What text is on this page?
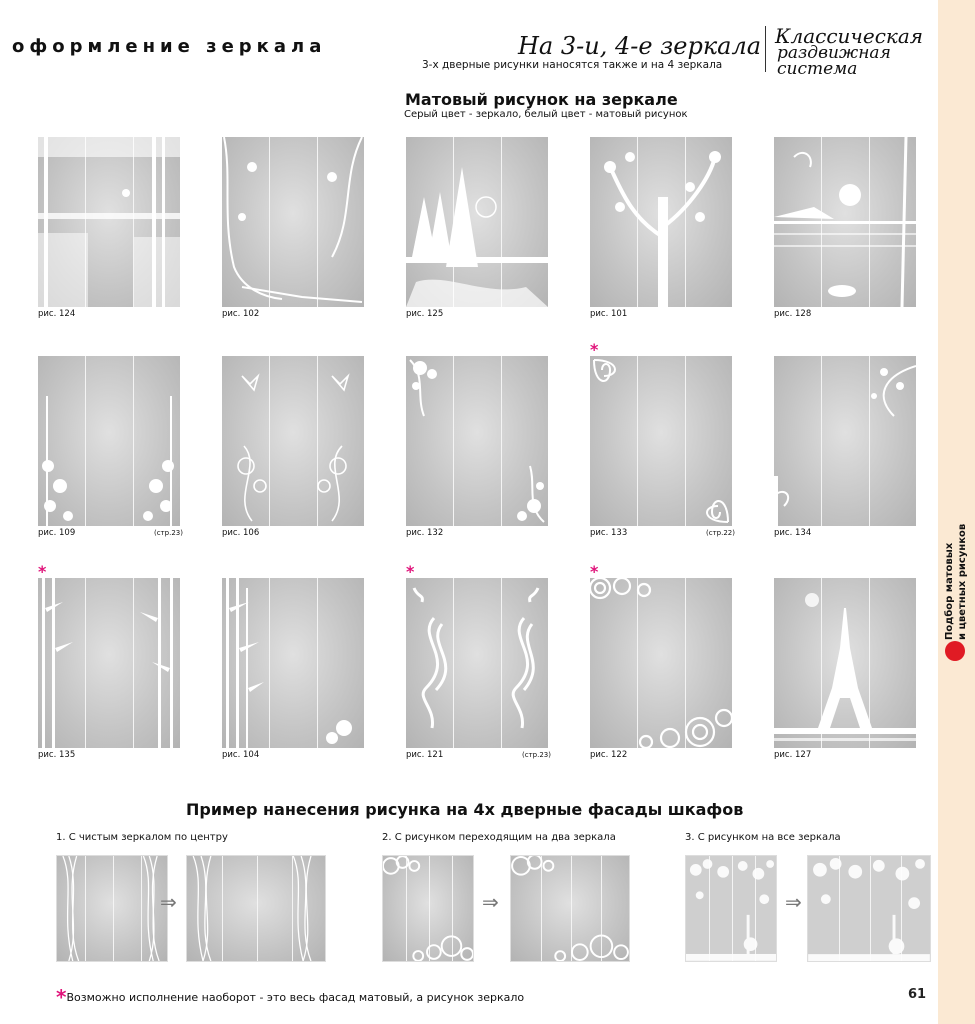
оформление зеркала	На 3-и, 4-е зеркала
3-х дверные рисунки наносятся также и на 4 зеркала
Классическая
раздвижная
система
Матовый рисунок на зеркале
Серый цвет - зеркало, белый цвет - матовый рисунок
рис. 124	рис. 102	рис. 125	рис. 101	рис. 128
рис. 109	(стр.23)	рис. 106	рис. 132	рис. 133	(стр.22)
*
рис. 134
рис. 135
*
рис. 104	рис. 121	(стр.23)
*
рис. 122
*
рис. 127
Пример нанесения рисунка на 4х дверные фасады шкафов
1. С чистым зеркалом по центру	2. С рисунком переходящим на два зеркала	3. С рисунком на все зеркала
⇒	⇒	⇒
*Возможно исполнение наоборот - это весь фасад матовый, а рисунок зеркало
Подбор матовых и цветных рисунков
61
